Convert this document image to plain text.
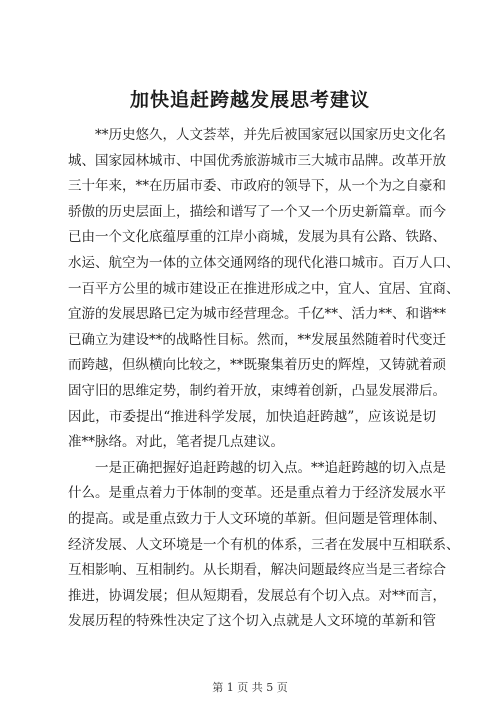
加快追赶跨越发展思考建议

**历史悠久，人文荟萃，并先后被国家冠以国家历史文化名
城、国家园林城市、中国优秀旅游城市三大城市品牌。改革开放
三十年来，**在历届市委、市政府的领导下，从一个为之自豪和
骄傲的历史层面上，描绘和谱写了一个又一个历史新篇章。而今
已由一个文化底蕴厚重的江岸小商城，发展为具有公路、铁路、
水运、航空为一体的立体交通网络的现代化港口城市。百万人口、
一百平方公里的城市建设正在推进形成之中，宜人、宜居、宜商、
宜游的发展思路已定为城市经营理念。千亿**、活力**、和谐**
已确立为建设**的战略性目标。然而，**发展虽然随着时代变迁
而跨越，但纵横向比较之，**既聚集着历史的辉煌，又铸就着顽
固守旧的思维定势，制约着开放，束缚着创新，凸显发展滞后。
因此，市委提出“推进科学发展，加快追赶跨越”，应该说是切
准**脉络。对此，笔者提几点建议。

一是正确把握好追赶跨越的切入点。**追赶跨越的切入点是
什么。是重点着力于体制的变革。还是重点着力于经济发展水平
的提高。或是重点致力于人文环境的革新。但问题是管理体制、
经济发展、人文环境是一个有机的体系，三者在发展中互相联系、
互相影响、互相制约。从长期看，解决问题最终应当是三者综合
推进，协调发展；但从短期看，发展总有个切入点。对**而言，
发展历程的特殊性决定了这个切入点就是人文环境的革新和管

第 1 页 共 5 页
